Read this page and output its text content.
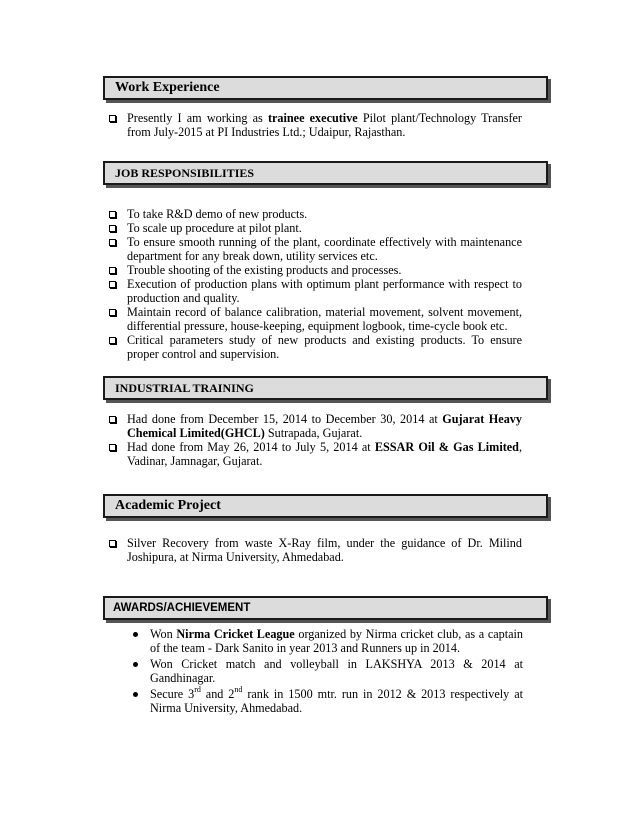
Work Experience
Presently I am working as trainee executive Pilot plant/Technology Transfer from July-2015 at PI Industries Ltd.; Udaipur, Rajasthan.
JOB RESPONSIBILITIES
To take R&D demo of new products.
To scale up procedure at pilot plant.
To ensure smooth running of the plant, coordinate effectively with maintenance department for any break down, utility services etc.
Trouble shooting of the existing products and processes.
Execution of production plans with optimum plant performance with respect to production and quality.
Maintain record of balance calibration, material movement, solvent movement, differential pressure, house-keeping, equipment logbook, time-cycle book etc.
Critical parameters study of new products and existing products. To ensure proper control and supervision.
INDUSTRIAL TRAINING
Had done from December 15, 2014 to December 30, 2014 at Gujarat Heavy Chemical Limited(GHCL) Sutrapada, Gujarat.
Had done from May 26, 2014 to July 5, 2014 at ESSAR Oil & Gas Limited, Vadinar, Jamnagar, Gujarat.
Academic Project
Silver Recovery from waste X-Ray film, under the guidance of Dr. Milind Joshipura, at Nirma University, Ahmedabad.
AWARDS/ACHIEVEMENT
Won Nirma Cricket League organized by Nirma cricket club, as a captain of the team - Dark Sanito in year 2013 and Runners up in 2014.
Won Cricket match and volleyball in LAKSHYA 2013 & 2014 at Gandhinagar.
Secure 3rd and 2nd rank in 1500 mtr. run in 2012 & 2013 respectively at Nirma University, Ahmedabad.
